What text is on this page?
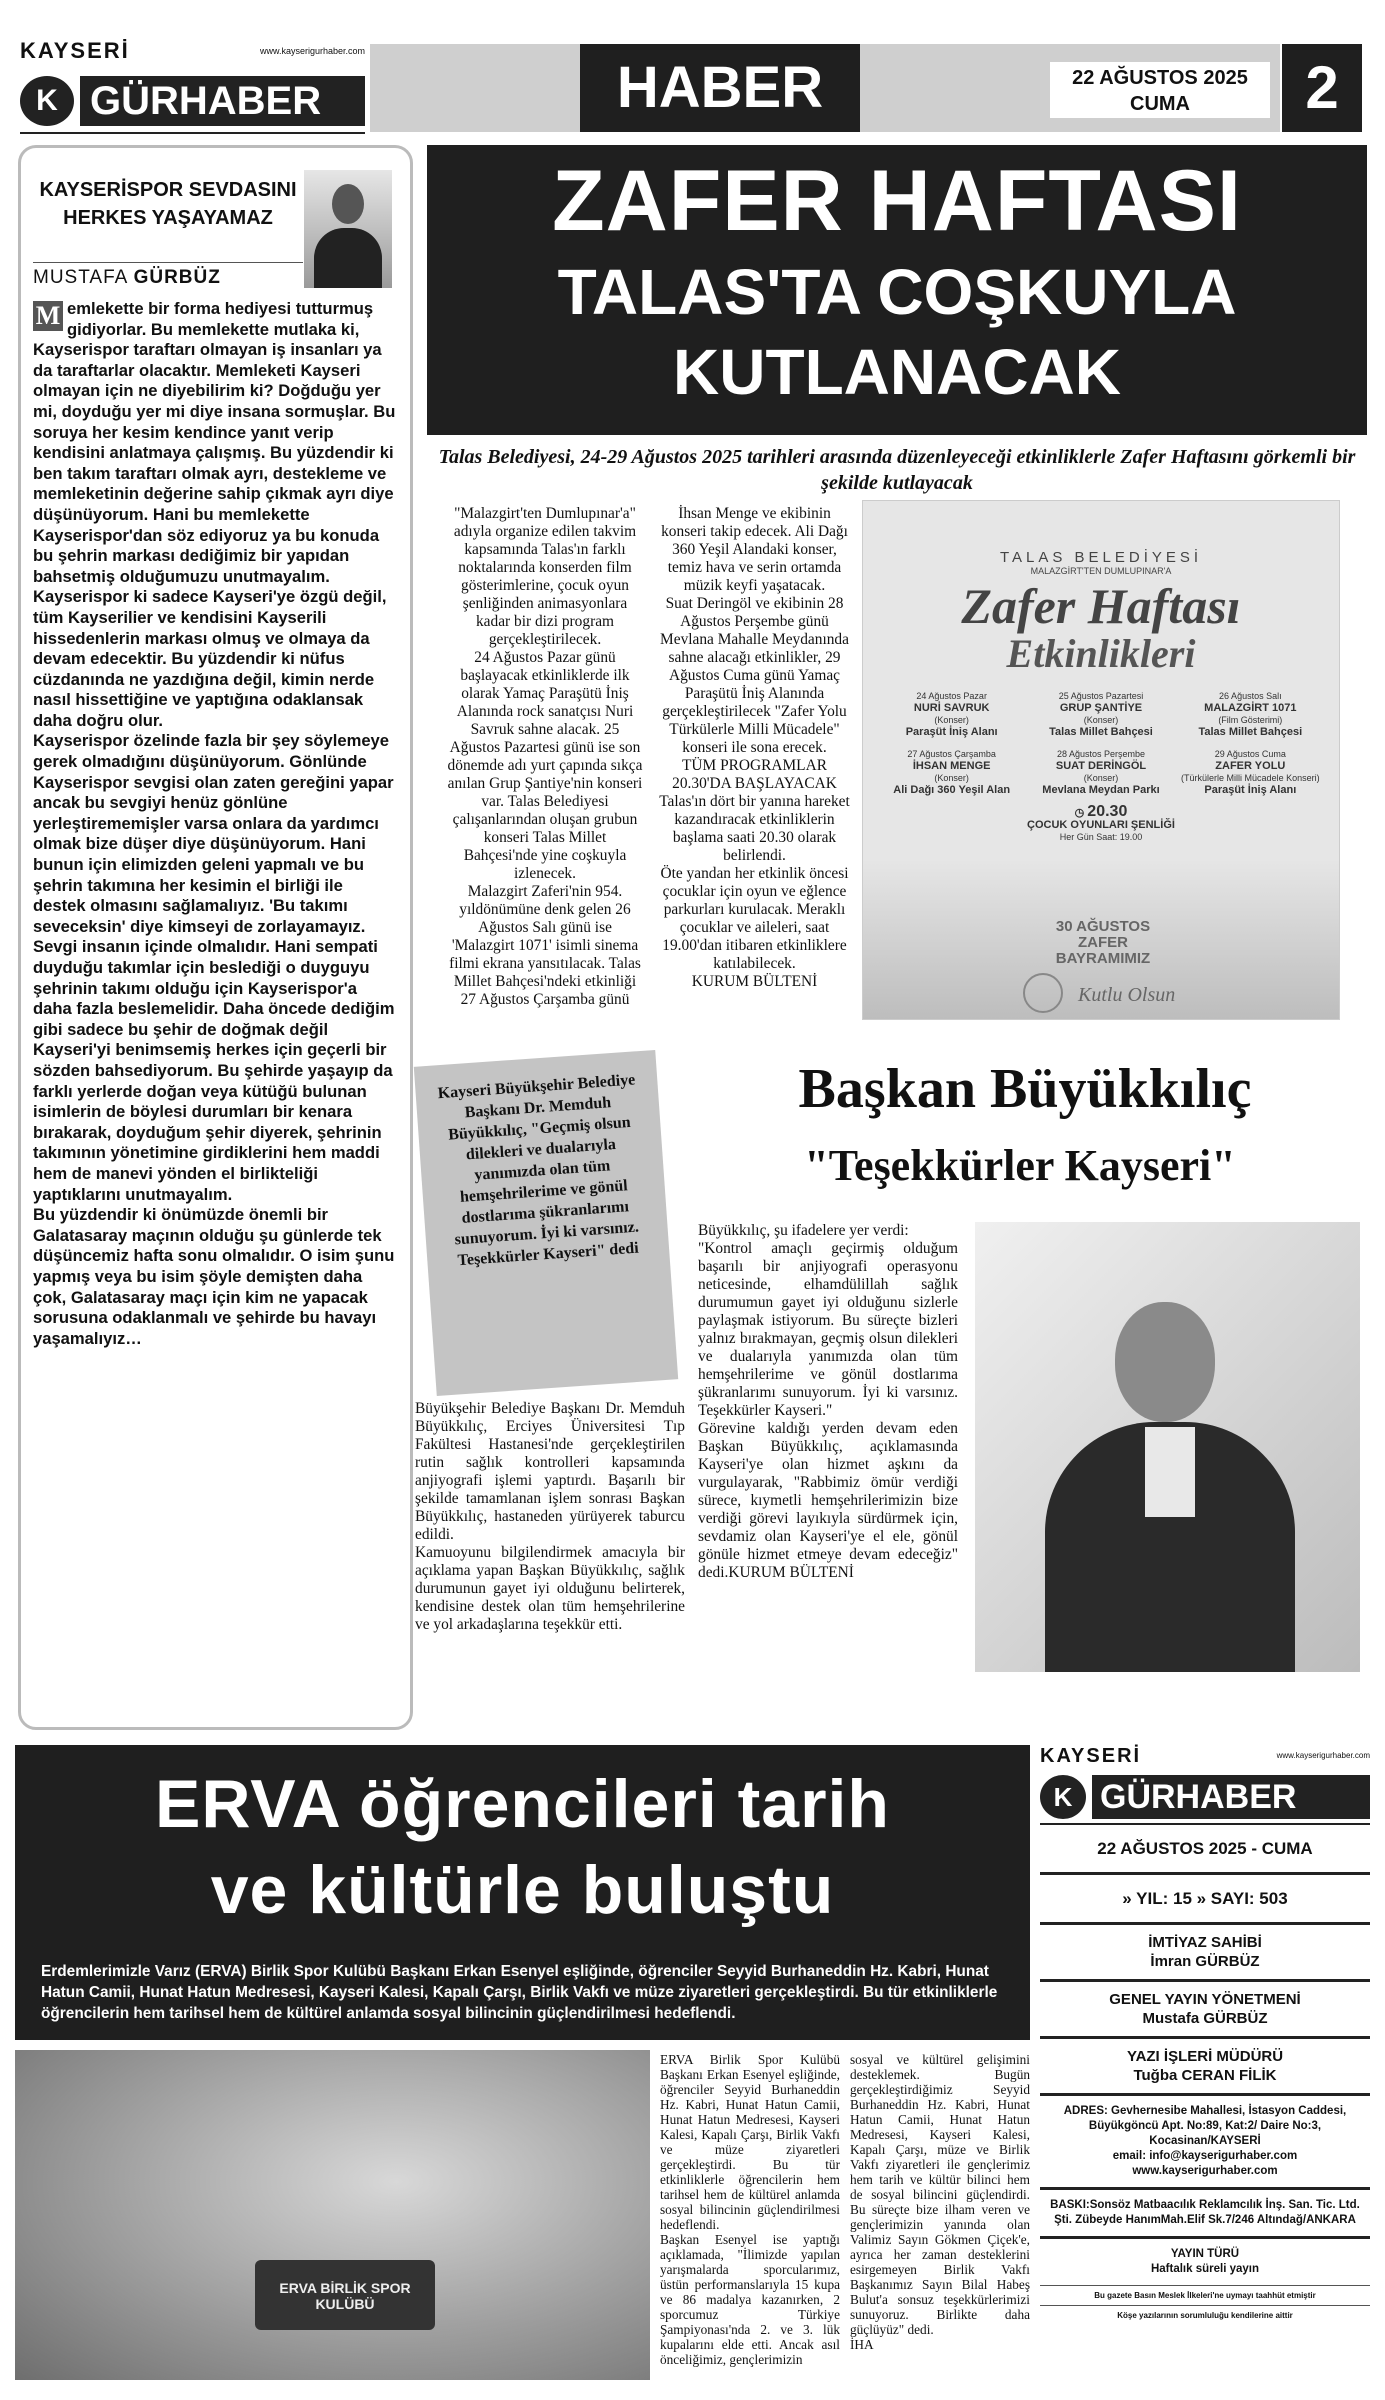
KAYSERİ	www.kayserigurhaber.com
K GÜRHABER	HABER	22 AĞUSTOS 2025
CUMA	2
KAYSERİSPOR SEVDASINI HERKES YAŞAYAMAZ
MUSTAFA GÜRBÜZ
M emlekette bir forma hediyesi tutturmuş gidiyorlar. Bu memlekette mutlaka ki, Kayserispor taraftarı olmayan iş insanları ya da taraftarlar olacaktır. Memleketi Kayseri olmayan için ne diyebilirim ki? Doğduğu yer mi, doyduğu yer mi diye insana sormuşlar. Bu soruya her kesim kendince yanıt verip kendisini anlatmaya çalışmış. Bu yüzdendir ki ben takım taraftarı olmak ayrı, destekleme ve memleketinin değerine sahip çıkmak ayrı diye düşünüyorum. Hani bu memlekette Kayserispor'dan söz ediyoruz ya bu konuda bu şehrin markası dediğimiz bir yapıdan bahsetmiş olduğumuzu unutmayalım. Kayserispor ki sadece Kayseri'ye özgü değil, tüm Kayserilier ve kendisini Kayserili hissedenlerin markası olmuş ve olmaya da devam edecektir. Bu yüzdendir ki nüfus cüzdanında ne yazdığına değil, kimin nerde nasıl hissettiğine ve yaptığına odaklansak daha doğru olur.
Kayserispor özelinde fazla bir şey söylemeye gerek olmadığını düşünüyorum. Gönlünde Kayserispor sevgisi olan zaten gereğini yapar ancak bu sevgiyi henüz gönlüne yerleştirememişler varsa onlara da yardımcı olmak bize düşer diye düşünüyorum. Hani bunun için elimizden geleni yapmalı ve bu şehrin takımına her kesimin el birliği ile destek olmasını sağlamalıyız. 'Bu takımı seveceksin' diye kimseyi de zorlayamayız.
Sevgi insanın içinde olmalıdır. Hani sempati duyduğu takımlar için beslediği o duyguyu şehrinin takımı olduğu için Kayserispor'a daha fazla beslemelidir. Daha öncede dediğim gibi sadece bu şehir de doğmak değil Kayseri'yi benimsemiş herkes için geçerli bir sözden bahsediyorum. Bu şehirde yaşayıp da farklı yerlerde doğan veya kütüğü bulunan isimlerin de böylesi durumları bir kenara bırakarak, doyduğum şehir diyerek, şehrinin takımının yönetimine girdiklerini hem maddi hem de manevi yönden el birlikteliği yaptıklarını unutmayalım.
Bu yüzdendir ki önümüzde önemli bir Galatasaray maçının olduğu şu günlerde tek düşüncemiz hafta sonu olmalıdır. O isim şunu yapmış veya bu isim şöyle demişten daha çok, Galatasaray maçı için kim ne yapacak sorusuna odaklanmalı ve şehirde bu havayı yaşamalıyız…
ZAFER HAFTASI
TALAS'TA COŞKUYLA
KUTLANACAK
Talas Belediyesi, 24-29 Ağustos 2025 tarihleri arasında düzenleyeceği etkinliklerle Zafer Haftasını görkemli bir şekilde kutlayacak
"Malazgirt'ten Dumlupınar'a" adıyla organize edilen takvim kapsamında Talas'ın farklı noktalarında konserden film gösterimlerine, çocuk oyun şenliğinden animasyonlara kadar bir dizi program gerçekleştirilecek.
24 Ağustos Pazar günü başlayacak etkinliklerde ilk olarak Yamaç Paraşütü İniş Alanında rock sanatçısı Nuri Savruk sahne alacak. 25 Ağustos Pazartesi günü ise son dönemde adı yurt çapında sıkça anılan Grup Şantiye'nin konseri var. Talas Belediyesi çalışanlarından oluşan grubun konseri Talas Millet Bahçesi'nde yine coşkuyla izlenecek.
Malazgirt Zaferi'nin 954. yıldönümüne denk gelen 26 Ağustos Salı günü ise 'Malazgirt 1071' isimli sinema filmi ekrana yansıtılacak. Talas Millet Bahçesi'ndeki etkinliği 27 Ağustos Çarşamba günü
İhsan Menge ve ekibinin konseri takip edecek. Ali Dağı 360 Yeşil Alandaki konser, temiz hava ve serin ortamda müzik keyfi yaşatacak.
Suat Deringöl ve ekibinin 28 Ağustos Perşembe günü Mevlana Mahalle Meydanında sahne alacağı etkinlikler, 29 Ağustos Cuma günü Yamaç Paraşütü İniş Alanında gerçekleştirilecek "Zafer Yolu Türkülerle Milli Mücadele" konseri ile sona erecek.
TÜM PROGRAMLAR 20.30'DA BAŞLAYACAK
Talas'ın dört bir yanına hareket kazandıracak etkinliklerin başlama saati 20.30 olarak belirlendi.
Öte yandan her etkinlik öncesi çocuklar için oyun ve eğlence parkurları kurulacak. Meraklı çocuklar ve aileleri, saat 19.00'dan itibaren etkinliklere katılabilecek.
KURUM BÜLTENİ
TALAS BELEDİYESİ
MALAZGİRT'TEN DUMLUPINAR'A
Zafer Haftası
Etkinlikleri
24 Ağustos Pazar
NURİ SAVRUK
(Konser)

Paraşüt İniş Alanı
25 Ağustos Pazartesi
GRUP ŞANTİYE
(Konser)

Talas Millet Bahçesi
26 Ağustos Salı
MALAZGİRT 1071
(Film Gösterimi)

Talas Millet Bahçesi
27 Ağustos Çarşamba
İHSAN MENGE
(Konser)

Ali Dağı 360 Yeşil Alan
28 Ağustos Perşembe
SUAT DERİNGÖL
(Konser)

Mevlana Meydan Parkı
29 Ağustos Cuma
ZAFER YOLU
(Türkülerle Milli Mücadele Konseri)

Paraşüt İniş Alanı
◷ 20.30
ÇOCUK OYUNLARI ŞENLİĞİ
Her Gün Saat: 19.00
30 AĞUSTOS ZAFER BAYRAMIMIZ
Kutlu Olsun
Kayseri Büyükşehir Belediye Başkanı Dr. Memduh Büyükkılıç, "Geçmiş olsun dilekleri ve dualarıyla yanımızda olan tüm hemşehrilerime ve gönül dostlarıma şükranlarımı sunuyorum. İyi ki varsınız. Teşekkürler Kayseri" dedi
Başkan Büyükkılıç
"Teşekkürler Kayseri"
Büyükşehir Belediye Başkanı Dr. Memduh Büyükkılıç, Erciyes Üniversitesi Tıp Fakültesi Hastanesi'nde gerçekleştirilen rutin sağlık kontrolleri kapsamında anjiyografi işlemi yaptırdı. Başarılı bir şekilde tamamlanan işlem sonrası Başkan Büyükkılıç, hastaneden yürüyerek taburcu edildi.
Kamuoyunu bilgilendirmek amacıyla bir açıklama yapan Başkan Büyükkılıç, sağlık durumunun gayet iyi olduğunu belirterek, kendisine destek olan tüm hemşehrilerine ve yol arkadaşlarına teşekkür etti.
Büyükkılıç, şu ifadelere yer verdi:
"Kontrol amaçlı geçirmiş olduğum başarılı bir anjiyografi operasyonu neticesinde, elhamdülillah sağlık durumumun gayet iyi olduğunu sizlerle paylaşmak istiyorum. Bu süreçte bizleri yalnız bırakmayan, geçmiş olsun dilekleri ve dualarıyla yanımızda olan tüm hemşehrilerime ve gönül dostlarıma şükranlarımı sunuyorum. İyi ki varsınız. Teşekkürler Kayseri."
Görevine kaldığı yerden devam eden Başkan Büyükkılıç, açıklamasında Kayseri'ye olan hizmet aşkını da vurgulayarak, "Rabbimiz ömür verdiği sürece, kıymetli hemşehrilerimizin bize verdiği görevi layıkıyla sürdürmek için, sevdamiz olan Kayseri'ye el ele, gönül gönüle hizmet etmeye devam edeceğiz" dedi.KURUM BÜLTENİ
ERVA öğrencileri tarih
ve kültürle buluştu
Erdemlerimizle Varız (ERVA) Birlik Spor Kulübü Başkanı Erkan Esenyel eşliğinde, öğrenciler Seyyid Burhaneddin Hz. Kabri, Hunat Hatun Camii, Hunat Hatun Medresesi, Kayseri Kalesi, Kapalı Çarşı, Birlik Vakfı ve müze ziyaretleri gerçekleştirdi. Bu tür etkinliklerle öğrencilerin hem tarihsel hem de kültürel anlamda sosyal bilincinin güçlendirilmesi hedeflendi.
ERVA BİRLİK SPOR KULÜBÜ
ERVA Birlik Spor Kulübü Başkanı Erkan Esenyel eşliğinde, öğrenciler Seyyid Burhaneddin Hz. Kabri, Hunat Hatun Camii, Hunat Hatun Medresesi, Kayseri Kalesi, Kapalı Çarşı, Birlik Vakfı ve müze ziyaretleri gerçekleştirdi. Bu tür etkinliklerle öğrencilerin hem tarihsel hem de kültürel anlamda sosyal bilincinin güçlendirilmesi hedeflendi.
Başkan Esenyel ise yaptığı açıklamada, "İlimizde yapılan yarışmalarda sporcularımız, üstün performanslarıyla 15 kupa ve 86 madalya kazanırken, 2 sporcumuz Türkiye Şampiyonası'nda 2. ve 3. lük kupalarını elde etti. Ancak asıl önceliğimiz, gençlerimizin
sosyal ve kültürel gelişimini desteklemek. Bugün gerçekleştirdiğimiz Seyyid Burhaneddin Hz. Kabri, Hunat Hatun Camii, Hunat Hatun Medresesi, Kayseri Kalesi, Kapalı Çarşı, müze ve Birlik Vakfı ziyaretleri ile gençlerimiz hem tarih ve kültür bilinci hem de sosyal bilincini güçlendirdi. Bu süreçte bize ilham veren ve gençlerimizin yanında olan Valimiz Sayın Gökmen Çiçek'e, ayrıca her zaman desteklerini esirgemeyen Birlik Vakfı Başkanımız Sayın Bilal Habeş Bulut'a sonsuz teşekkürlerimizi sunuyoruz. Birlikte daha güçlüyüz" dedi.
İHA
KAYSERİ	www.kayserigurhaber.com
K GÜRHABER
22 AĞUSTOS 2025 - CUMA
» YIL: 15 » SAYI: 503
İMTİYAZ SAHİBİ
İmran GÜRBÜZ
GENEL YAYIN YÖNETMENİ
Mustafa GÜRBÜZ
YAZI İŞLERİ MÜDÜRÜ
Tuğba CERAN FİLİK
ADRES: Gevhernesibe Mahallesi, İstasyon Caddesi, Büyükgöncü Apt. No:89, Kat:2/ Daire No:3, Kocasinan/KAYSERİ
email: info@kayserigurhaber.com
www.kayserigurhaber.com
BASKI:Sonsöz Matbaacılık Reklamcılık İnş. San. Tic. Ltd. Şti. Zübeyde HanımMah.Elif Sk.7/246 Altındağ/ANKARA
YAYIN TÜRÜ
Haftalık süreli yayın
Bu gazete Basın Meslek İlkeleri'ne uymayı taahhüt etmiştir
Köşe yazılarının sorumluluğu kendilerine aittir
